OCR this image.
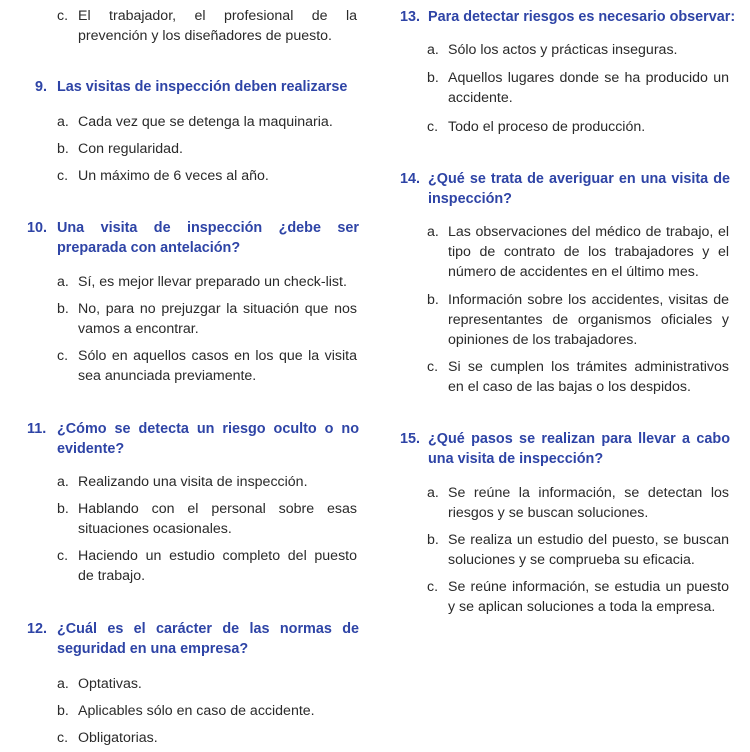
c. El trabajador, el profesional de la prevención y los diseñadores de puesto.
9. Las visitas de inspección deben realizarse
a. Cada vez que se detenga la maquinaria.
b. Con regularidad.
c. Un máximo de 6 veces al año.
10. Una visita de inspección ¿debe ser preparada con antelación?
a. Sí, es mejor llevar preparado un check-list.
b. No, para no prejuzgar la situación que nos vamos a encontrar.
c. Sólo en aquellos casos en los que la visita sea anunciada previamente.
11. ¿Cómo se detecta un riesgo oculto o no evidente?
a. Realizando una visita de inspección.
b. Hablando con el personal sobre esas situaciones ocasionales.
c. Haciendo un estudio completo del puesto de trabajo.
12. ¿Cuál es el carácter de las normas de seguridad en una empresa?
a. Optativas.
b. Aplicables sólo en caso de accidente.
c. Obligatorias.
13. Para detectar riesgos es necesario observar:
a. Sólo los actos y prácticas inseguras.
b. Aquellos lugares donde se ha producido un accidente.
c. Todo el proceso de producción.
14. ¿Qué se trata de averiguar en una visita de inspección?
a. Las observaciones del médico de trabajo, el tipo de contrato de los trabajadores y el número de accidentes en el último mes.
b. Información sobre los accidentes, visitas de representantes de organismos oficiales y opiniones de los trabajadores.
c. Si se cumplen los trámites administrativos en el caso de las bajas o los despidos.
15. ¿Qué pasos se realizan para llevar a cabo una visita de inspección?
a. Se reúne la información, se detectan los riesgos y se buscan soluciones.
b. Se realiza un estudio del puesto, se buscan soluciones y se comprueba su eficacia.
c. Se reúne información, se estudia un puesto y se aplican soluciones a toda la empresa.
